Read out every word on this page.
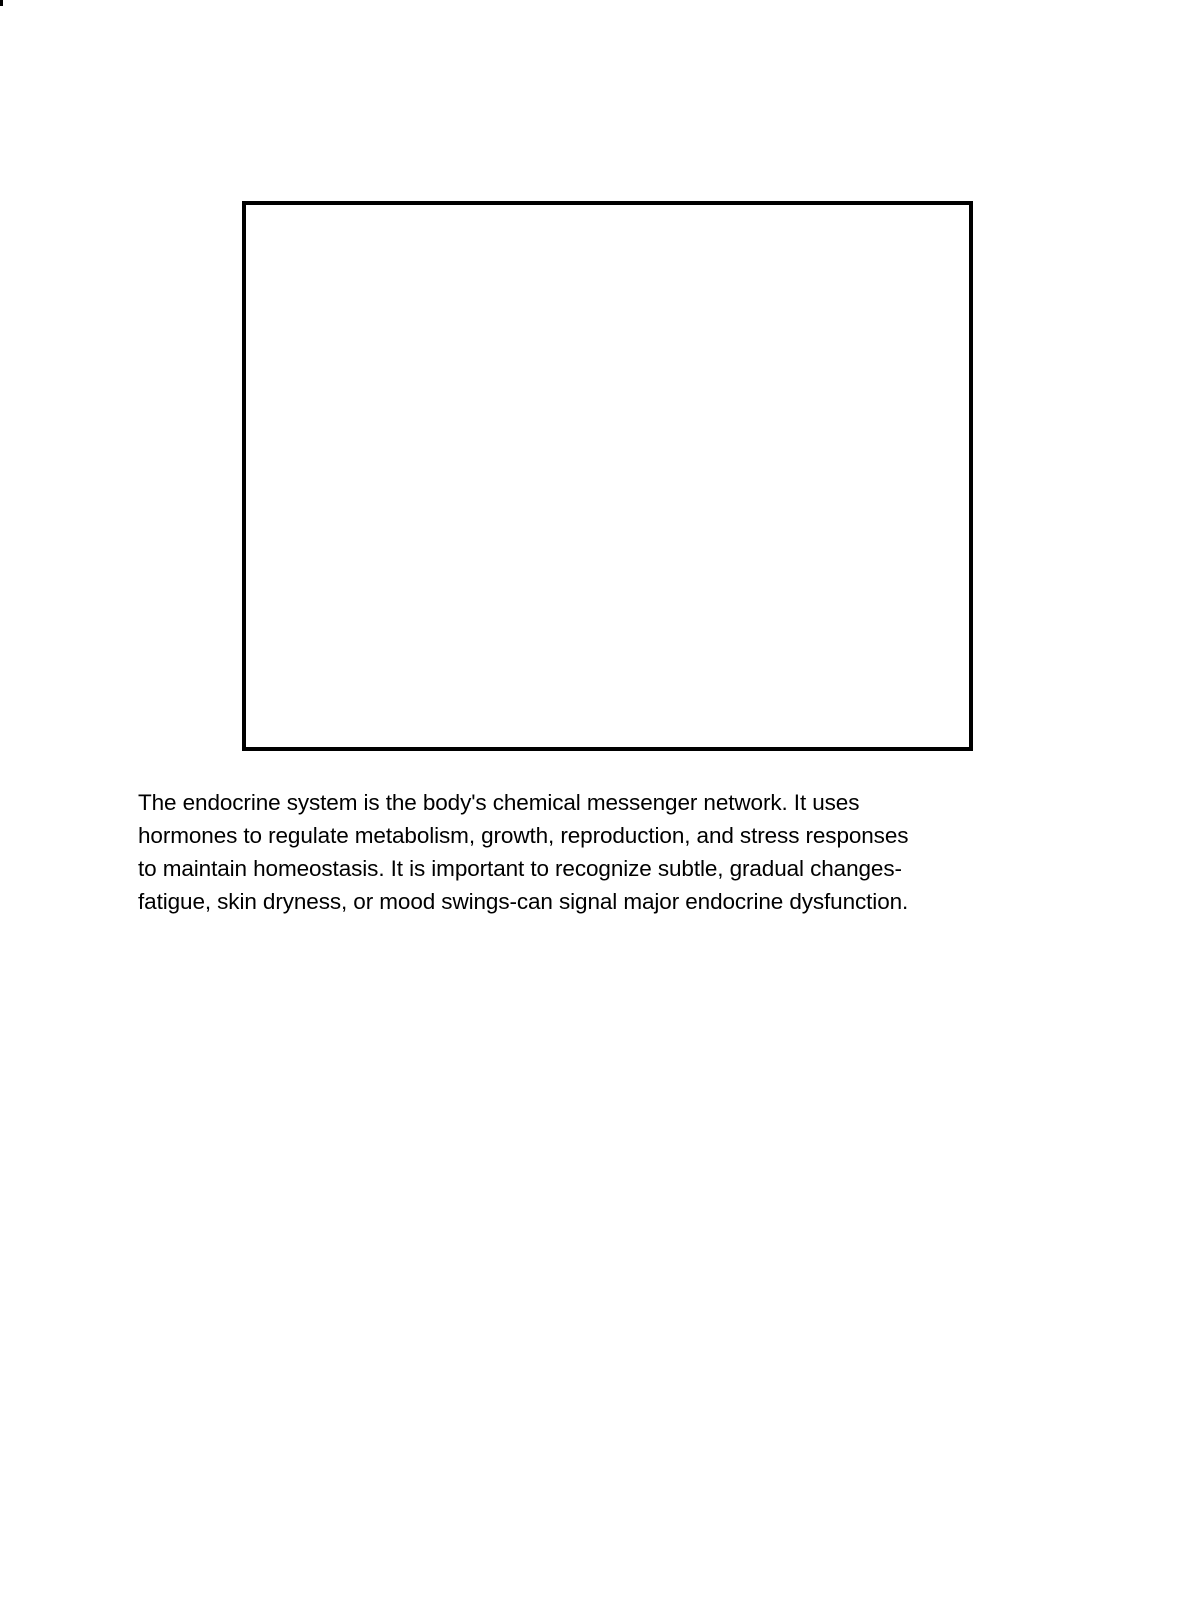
The endocrine system is the body's chemical messenger network. It uses
hormones to regulate metabolism, growth, reproduction, and stress responses
to maintain homeostasis. It is important to recognize subtle, gradual changes-
fatigue, skin dryness, or mood swings-can signal major endocrine dysfunction.
